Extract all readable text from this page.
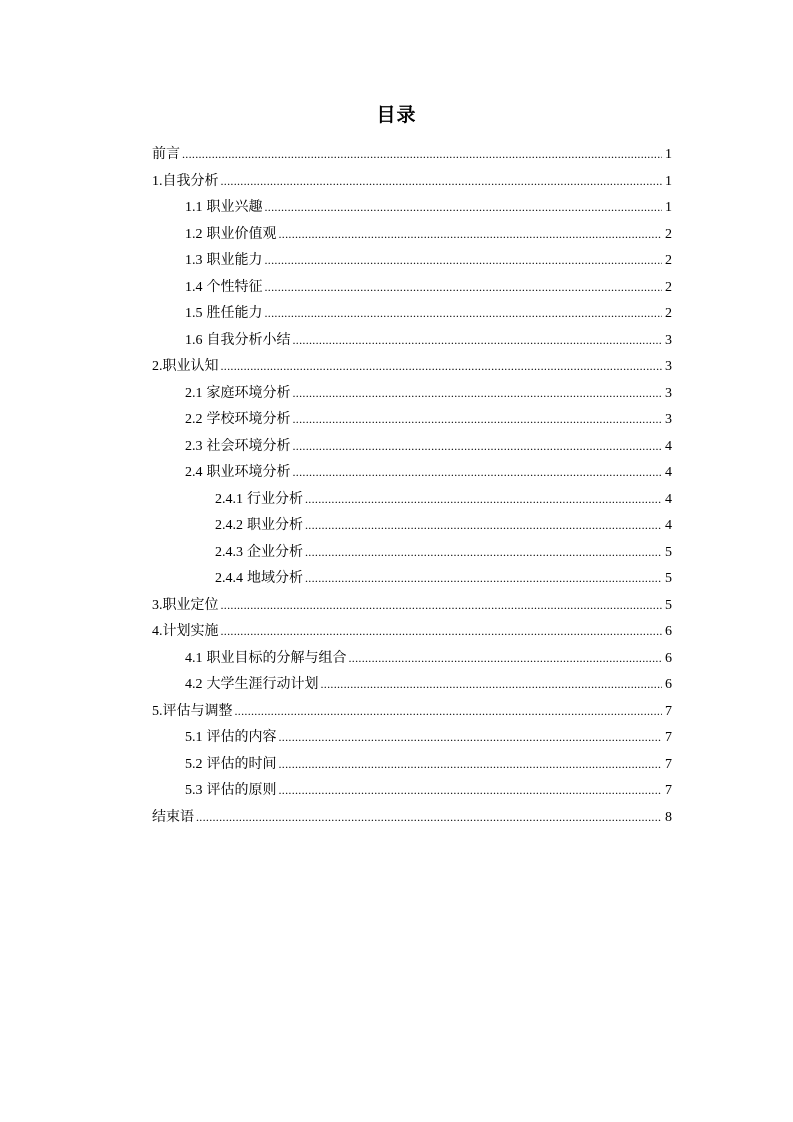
目录
前言 .....	1
1. 自我分析 .....	1
1.1 职业兴趣 .....	1
1.2 职业价值观 .....	2
1.3 职业能力 .....	2
1.4 个性特征 .....	2
1.5 胜任能力 .....	2
1.6 自我分析小结 .....	3
2. 职业认知 .....	3
2.1 家庭环境分析 .....	3
2.2 学校环境分析 .....	3
2.3 社会环境分析 .....	4
2.4 职业环境分析 .....	4
2.4.1 行业分析 .....	4
2.4.2 职业分析 .....	4
2.4.3 企业分析 .....	5
2.4.4 地域分析 .....	5
3. 职业定位 .....	5
4. 计划实施 .....	6
4.1 职业目标的分解与组合 .....	6
4.2 大学生涯行动计划 .....	6
5. 评估与调整 .....	7
5.1 评估的内容 .....	7
5.2 评估的时间 .....	7
5.3 评估的原则 .....	7
结束语 .....	8
